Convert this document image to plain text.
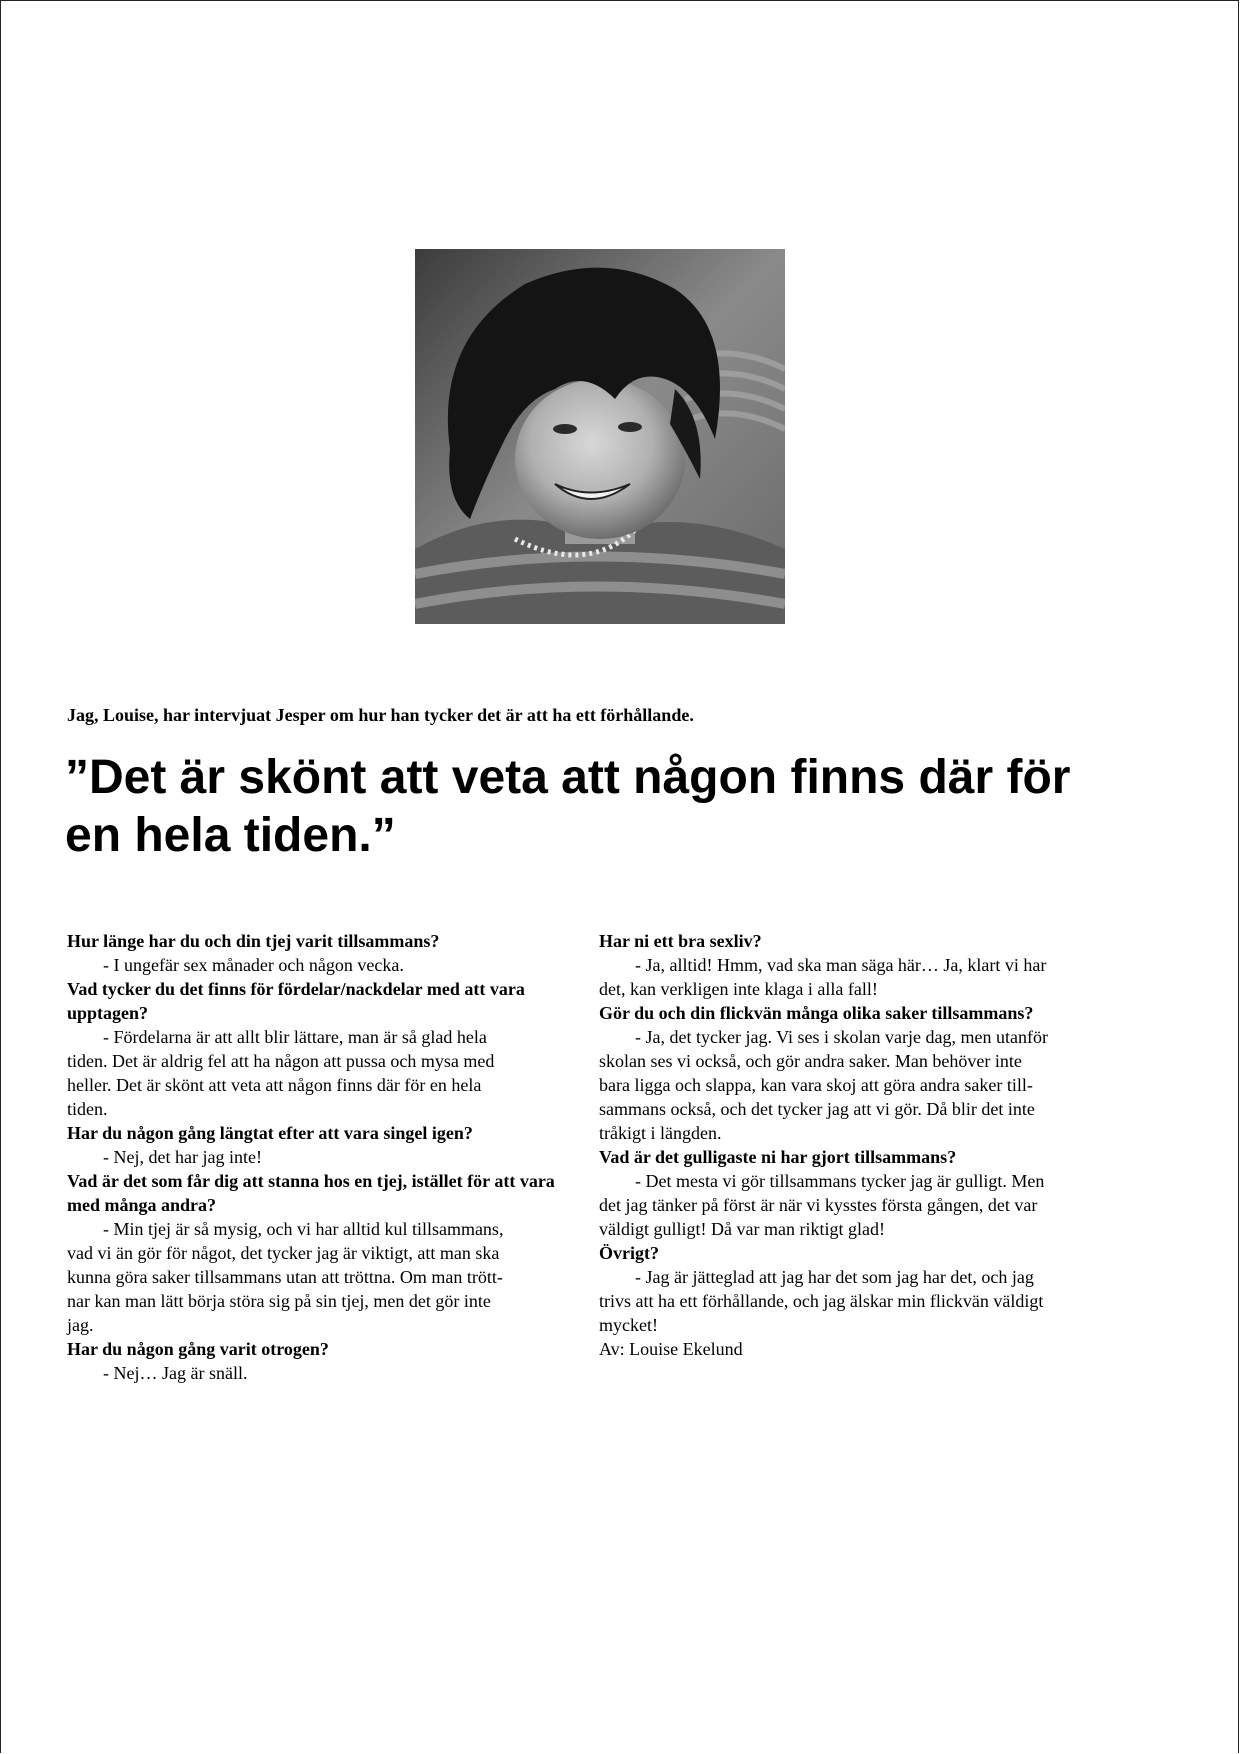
Jag, Louise, har intervjuat Jesper om hur han tycker det är att ha ett förhållande.
”Det är skönt att veta att någon finns där för
en hela tiden.”
Hur länge har du och din tjej varit tillsammans?
- I ungefär sex månader och någon vecka.
Vad tycker du det finns för fördelar/nackdelar med att vara upptagen?
- Fördelarna är att allt blir lättare, man är så glad hela
tiden. Det är aldrig fel att ha någon att pussa och mysa med
heller. Det är skönt att veta att någon finns där för en hela
tiden.
Har du någon gång längtat efter att vara singel igen?
- Nej, det har jag inte!
Vad är det som får dig att stanna hos en tjej, istället för att vara med många andra?
- Min tjej är så mysig, och vi har alltid kul tillsammans,
vad vi än gör för något, det tycker jag är viktigt, att man ska
kunna göra saker tillsammans utan att tröttna. Om man trött-
nar kan man lätt börja störa sig på sin tjej, men det gör inte
jag.
Har du någon gång varit otrogen?
- Nej… Jag är snäll.
Har ni ett bra sexliv?
- Ja, alltid! Hmm, vad ska man säga här… Ja, klart vi har
det, kan verkligen inte klaga i alla fall!
Gör du och din flickvän många olika saker tillsammans?
- Ja, det tycker jag. Vi ses i skolan varje dag, men utanför
skolan ses vi också, och gör andra saker. Man behöver inte
bara ligga och slappa, kan vara skoj att göra andra saker till-
sammans också, och det tycker jag att vi gör. Då blir det inte
tråkigt i längden.
Vad är det gulligaste ni har gjort tillsammans?
- Det mesta vi gör tillsammans tycker jag är gulligt. Men
det jag tänker på först är när vi kysstes första gången, det var
väldigt gulligt! Då var man riktigt glad!
Övrigt?
- Jag är jätteglad att jag har det som jag har det, och jag
trivs att ha ett förhållande, och jag älskar min flickvän väldigt
mycket!
Av: Louise Ekelund
